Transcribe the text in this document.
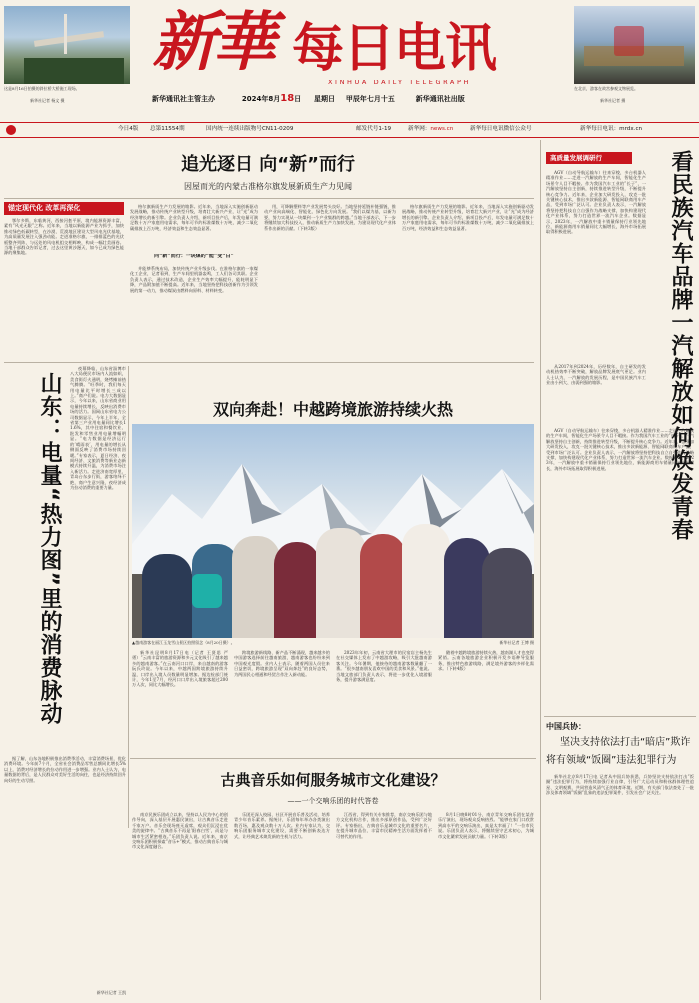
这是8月16日拍摄的斜拉桥大桥施工现场。
新华社记者 杨文 摄
新華 每日电讯
XINHUA DAILY TELEGRAPH
新华通讯社主管主办	2024年8月18日 星期日 甲辰年七月十五	新华通讯社出版
在北京，游客在故宫参观文物展览。
新华社记者 摄
今日4版 总第11554期	国内统一连续出版物号CN11-0209	邮发代号1-19	新华网：news.cn	新华每日电讯微信公众号	新华每日电讯：mrdx.cn
追光逐日 向“新”而行
因屋而光的内蒙古准格尔旗发展新质生产力见闻
锚定现代化 改革再深化
鄂尔多斯，东临黄河，西接河套平原，境内能源资源丰富，素有“风光无限”之称。近年来，当地以新能源产业为抓手，加快推动绿色低碳转型，在沙漠、荒漠地区建设大型风电光伏基地，为高质量发展注入强劲动能。走进准格尔旗，一排排蓝色的光伏板整齐列阵，与远处的风电机组交相辉映，构成一幅壮美画卷。当地干部群众告诉记者，过去这里黄沙漫天，如今已成为绿色能源的聚集地。
格尔旗新质生产力发展的缩影。近年来，当地深入实施创新驱动发展战略，推动传统产业转型升级，培育壮大新兴产业，让“光”成为经济增长的新引擎。企业负责人介绍，新项目投产后，年发电量可满足数十万户家庭用电需求，每年可节约标准煤数十万吨，减少二氧化碳排放上百万吨，经济效益和生态效益显著。
向“新”而行：一块煤的“能”变“白”
并能够系统布局，加快传统产业升级步伐。在准格尔旗的一家煤化工企业，记者看到，生产车间里机器轰鸣，工人们各司其职。企业负责人表示，通过技术改造，企业生产效率大幅提升，能耗明显下降，产品附加值不断提高。近年来，当地坚持把科技创新作为引领发展的第一动力，推动煤炭由燃料向原料、材料转变。
用，可降解塑料等产业发展势头良好。当地坚持延链补链强链，推动产业向高端化、智能化、绿色化方向发展。“我们以煤为基，以新为要，努力实现从一块煤到一个产业集群的跨越。”当地干部表示，下一步将继续加大科技投入，推动新质生产力加快发展，为建设现代化产业体系作出新的贡献。（下转3版）
格尔旗新质生产力发展的缩影。近年来，当地深入实施创新驱动发展战略，推动传统产业转型升级，培育壮大新兴产业，让“光”成为经济增长的新引擎。企业负责人介绍，新项目投产后，年发电量可满足数十万户家庭用电需求，每年可节约标准煤数十万吨，减少二氧化碳排放上百万吨，经济效益和生态效益显著。
山东：电量“热力图”里的消费脉动
夜幕降临，山东省淄博市八大局便民市场内人流如织，美食街灯火通明，烧烤摊前热气腾腾。“旺季时，我们每天用电量比平时增长三成以上。”商户们说。电力大数据显示，今年以来，山东省商业用电量持续增长，反映出消费市场的活力。国网山东省电力公司数据显示，今年上半年，全省第三产业用电量同比增长11.6%，其中住宿和餐饮业、批发和零售业用电量增幅明显。“电力数据是经济运行的‘晴雨表’，用电量的增长从侧面反映了消费市场持续回暖。”专家表示，夏日经济、夜间经济、文旅消费等新业态新模式持续升温，为消费市场注入新活力。走进济南宽厚里、青岛台东步行街，游客络绎不绝，商户生意兴隆，夜经济成为拉动消费的重要力量。
据了解，山东各地积极推出消费季活动，丰富消费场景，优化消费环境。今年前7个月，全省社会消费品零售总额同比增长5%以上，消费对经济增长的拉动作用进一步增强。业内人士认为，电量数据的背后，是人民群众对美好生活的向往，也是经济持续回升向好的生动写照。
新华社记者 王凯
双向奔赴！中越跨境旅游持续火热
▲越南游客在丽江玉龙雪山景区拍照留念（8月20日摄）。	新华社记者 王博 摄
新华社昆明8月17日电（记者 王贤思 严勇）“云南丰富的旅游资源和多元文化吸引了越来越多的越南游客。”在云南河口口岸，来自越南的游客阮氏玲说。今年以来，中越两国跨境旅游持续升温，口岸出入境人员数量明显增加。据边检部门统计，今年1至7月，经河口口岸出入境旅客超过200万人次，同比大幅增长。
跨境旅游新线路、新产品不断涌现，越来越多的中国游客选择前往越南旅游，越南游客也纷纷来到中国观光度假。业内人士表示，随着两国人员往来日益密切，跨境旅游呈现“双向奔赴”的良好态势，为两国民心相通和经贸合作注入新动能。
2023年年初，云南省大理市的民宿店主杨先生在社交媒体上发布了中越游攻略，吸引大批越南游客关注。今年暑期，他接待的越南游客数量翻了一番。“很多越南朋友喜欢中国的美食和风景。”他说。当地文旅部门负责人表示，将进一步优化入境游服务，提升游客满意度。
随着中越跨境旅游持续火热，越南湖人才也变得紧俏。云南各地旅游企业积极开发多语种导览服务，推出特色旅游线路，满足境外游客的多样化需求。（下转4版）
古典音乐如何服务城市文化建设？
——一个交响乐团的时代答卷
南京民族乐团成立以来，坚持以人民为中心的创作导向，深入基层开展惠民演出，让古典音乐走进千家万户。音乐会现场座无虚席，观众们沉浸在优美的旋律中。“古典音乐不再是‘阳春白雪’，而是与城市生活紧密相连。”乐团负责人说。近年来，南京交响乐团积极探索“音乐+”模式，推动古典音乐与城市文化深度融合。
乐团还深入校园、社区开展音乐普及活动，培养青少年音乐素养。据统计，乐团每年举办各类演出数百场，惠及观众数十万人次。业内专家认为，交响乐团服务城市文化建设，需要不断创新表达方式，让经典艺术焕发新的生机与活力。
江西省，得到有关专家推荐，南京交响乐团与地方文化机构合作，推出多部原创作品，受到广泛好评。专家指出，古典音乐是城市文化的重要名片，在提升城市品位、丰富市民精神生活方面发挥着不可替代的作用。
8月1日晚8时01分，南京青年交响乐团在某音乐厅演出，现场观众反响热烈。“能够在家门口欣赏到高水平的交响乐演出，真是太幸福了！”一位市民说。乐团负责人表示，将继续坚守艺术初心，为城市文化繁荣发展贡献力量。（下转3版）
高质量发展调研行	看民族汽车品牌一汽解放如何焕发青春
AGV（自动导航运输车）往来穿梭，多台机器人精准作业……走进一汽解放的生产车间，智能化生产场景令人目不暇接。作为我国汽车工业的“长子”，一汽解放坚持自主创新，持续推进转型升级，不断提升核心竞争力。近年来，企业加大研发投入，攻克一批关键核心技术，推出多款新能源、智能网联商用车产品，受到市场广泛认可。企业负责人表示，一汽解放将坚持把科技自立自强作为战略支撑，加快构建现代化产业体系，努力打造世界一流汽车企业。数据显示，2023年，一汽解放中重卡销量保持行业领先地位，新能源商用车销量同比大幅增长，海外市场拓展取得积极进展。
从2017年到2024年，历经数年，自主研发的发动机热效率不断突破，解放品牌发展底气更足。业内人士认为，一汽解放的发展历程，是中国民族汽车工业由小到大、由弱到强的缩影。
AGV（自动导航运输车）往来穿梭，多台机器人精准作业……走进一汽解放的生产车间，智能化生产场景令人目不暇接。作为我国汽车工业的“长子”，一汽解放坚持自主创新，持续推进转型升级，不断提升核心竞争力。近年来，企业加大研发投入，攻克一批关键核心技术，推出多款新能源、智能网联商用车产品，受到市场广泛认可。企业负责人表示，一汽解放将坚持把科技自立自强作为战略支撑，加快构建现代化产业体系，努力打造世界一流汽车企业。数据显示，2023年，一汽解放中重卡销量保持行业领先地位，新能源商用车销量同比大幅增长，海外市场拓展取得积极进展。
中国兵协：
坚决支持依法打击“暗店”欺诈
将有领域“饭圈”违法犯罪行为
新华社北京8月17日电 记者从中国兵协获悉，兵协坚决支持依法打击“饭圈”违法犯罪行为，将持续加强行业自律，引导广大运动员和粉丝群体理性追星、文明观赛，共同营造风清气正的体育环境。近期，有关部门依法查处了一批涉及体育领域“饭圈”乱象的违法犯罪案件，引发社会广泛关注。
